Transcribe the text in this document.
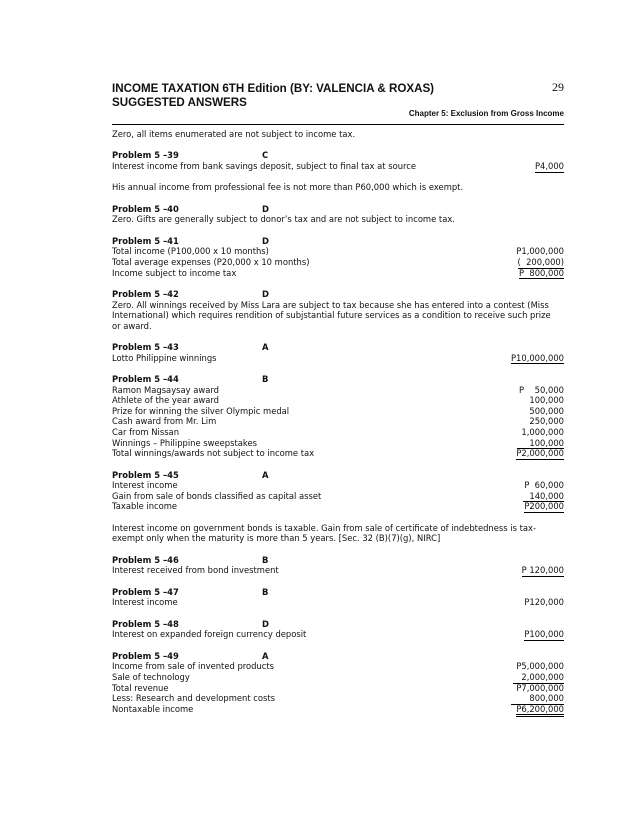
INCOME TAXATION 6TH Edition (BY: VALENCIA & ROXAS)
SUGGESTED ANSWERS
29
Chapter 5: Exclusion from Gross Income
Zero, all items enumerated are not subject to income tax.
Problem 5 –39	C
Interest income from bank savings deposit, subject to final tax at source	P4,000
His annual income from professional fee is not more than P60,000 which is exempt.
Problem 5 –40	D
Zero. Gifts are generally subject to donor’s tax and are not subject to income tax.
Problem 5 –41	D
Total income (P100,000 x 10 months)	P1,000,000
Total average expenses (P20,000 x 10 months)	(  200,000)
Income subject to income tax	P  800,000
Problem 5 –42	D
Zero. All winnings received by Miss Lara are subject to tax because she has entered into a contest (Miss International) which requires rendition of subjstantial future services as a condition to receive such prize or award.
Problem 5 –43	A
Lotto Philippine winnings	P10,000,000
Problem 5 –44	B
Ramon Magsaysay award	P    50,000
Athlete of the year award	100,000
Prize for winning the silver Olympic medal	500,000
Cash award from Mr. Lim	250,000
Car from Nissan	1,000,000
Winnings – Philippine sweepstakes	100,000
Total winnings/awards not subject to income tax	P2,000,000
Problem 5 –45	A
Interest income	P  60,000
Gain from sale of bonds classified as capital asset	140,000
Taxable income	P200,000
Interest income on government bonds is taxable. Gain from sale of certificate of indebtedness is tax-exempt only when the maturity is more than 5 years. [Sec. 32 (B)(7)(g), NIRC]
Problem 5 –46	B
Interest received from bond investment	P 120,000
Problem 5 –47	B
Interest income	P120,000
Problem 5 –48	D
Interest on expanded foreign currency deposit	P100,000
Problem 5 –49	A
Income from sale of invented products	P5,000,000
Sale of technology	2,000,000
Total revenue	P7,000,000
Less: Research and development costs	800,000
Nontaxable income	P6,200,000
